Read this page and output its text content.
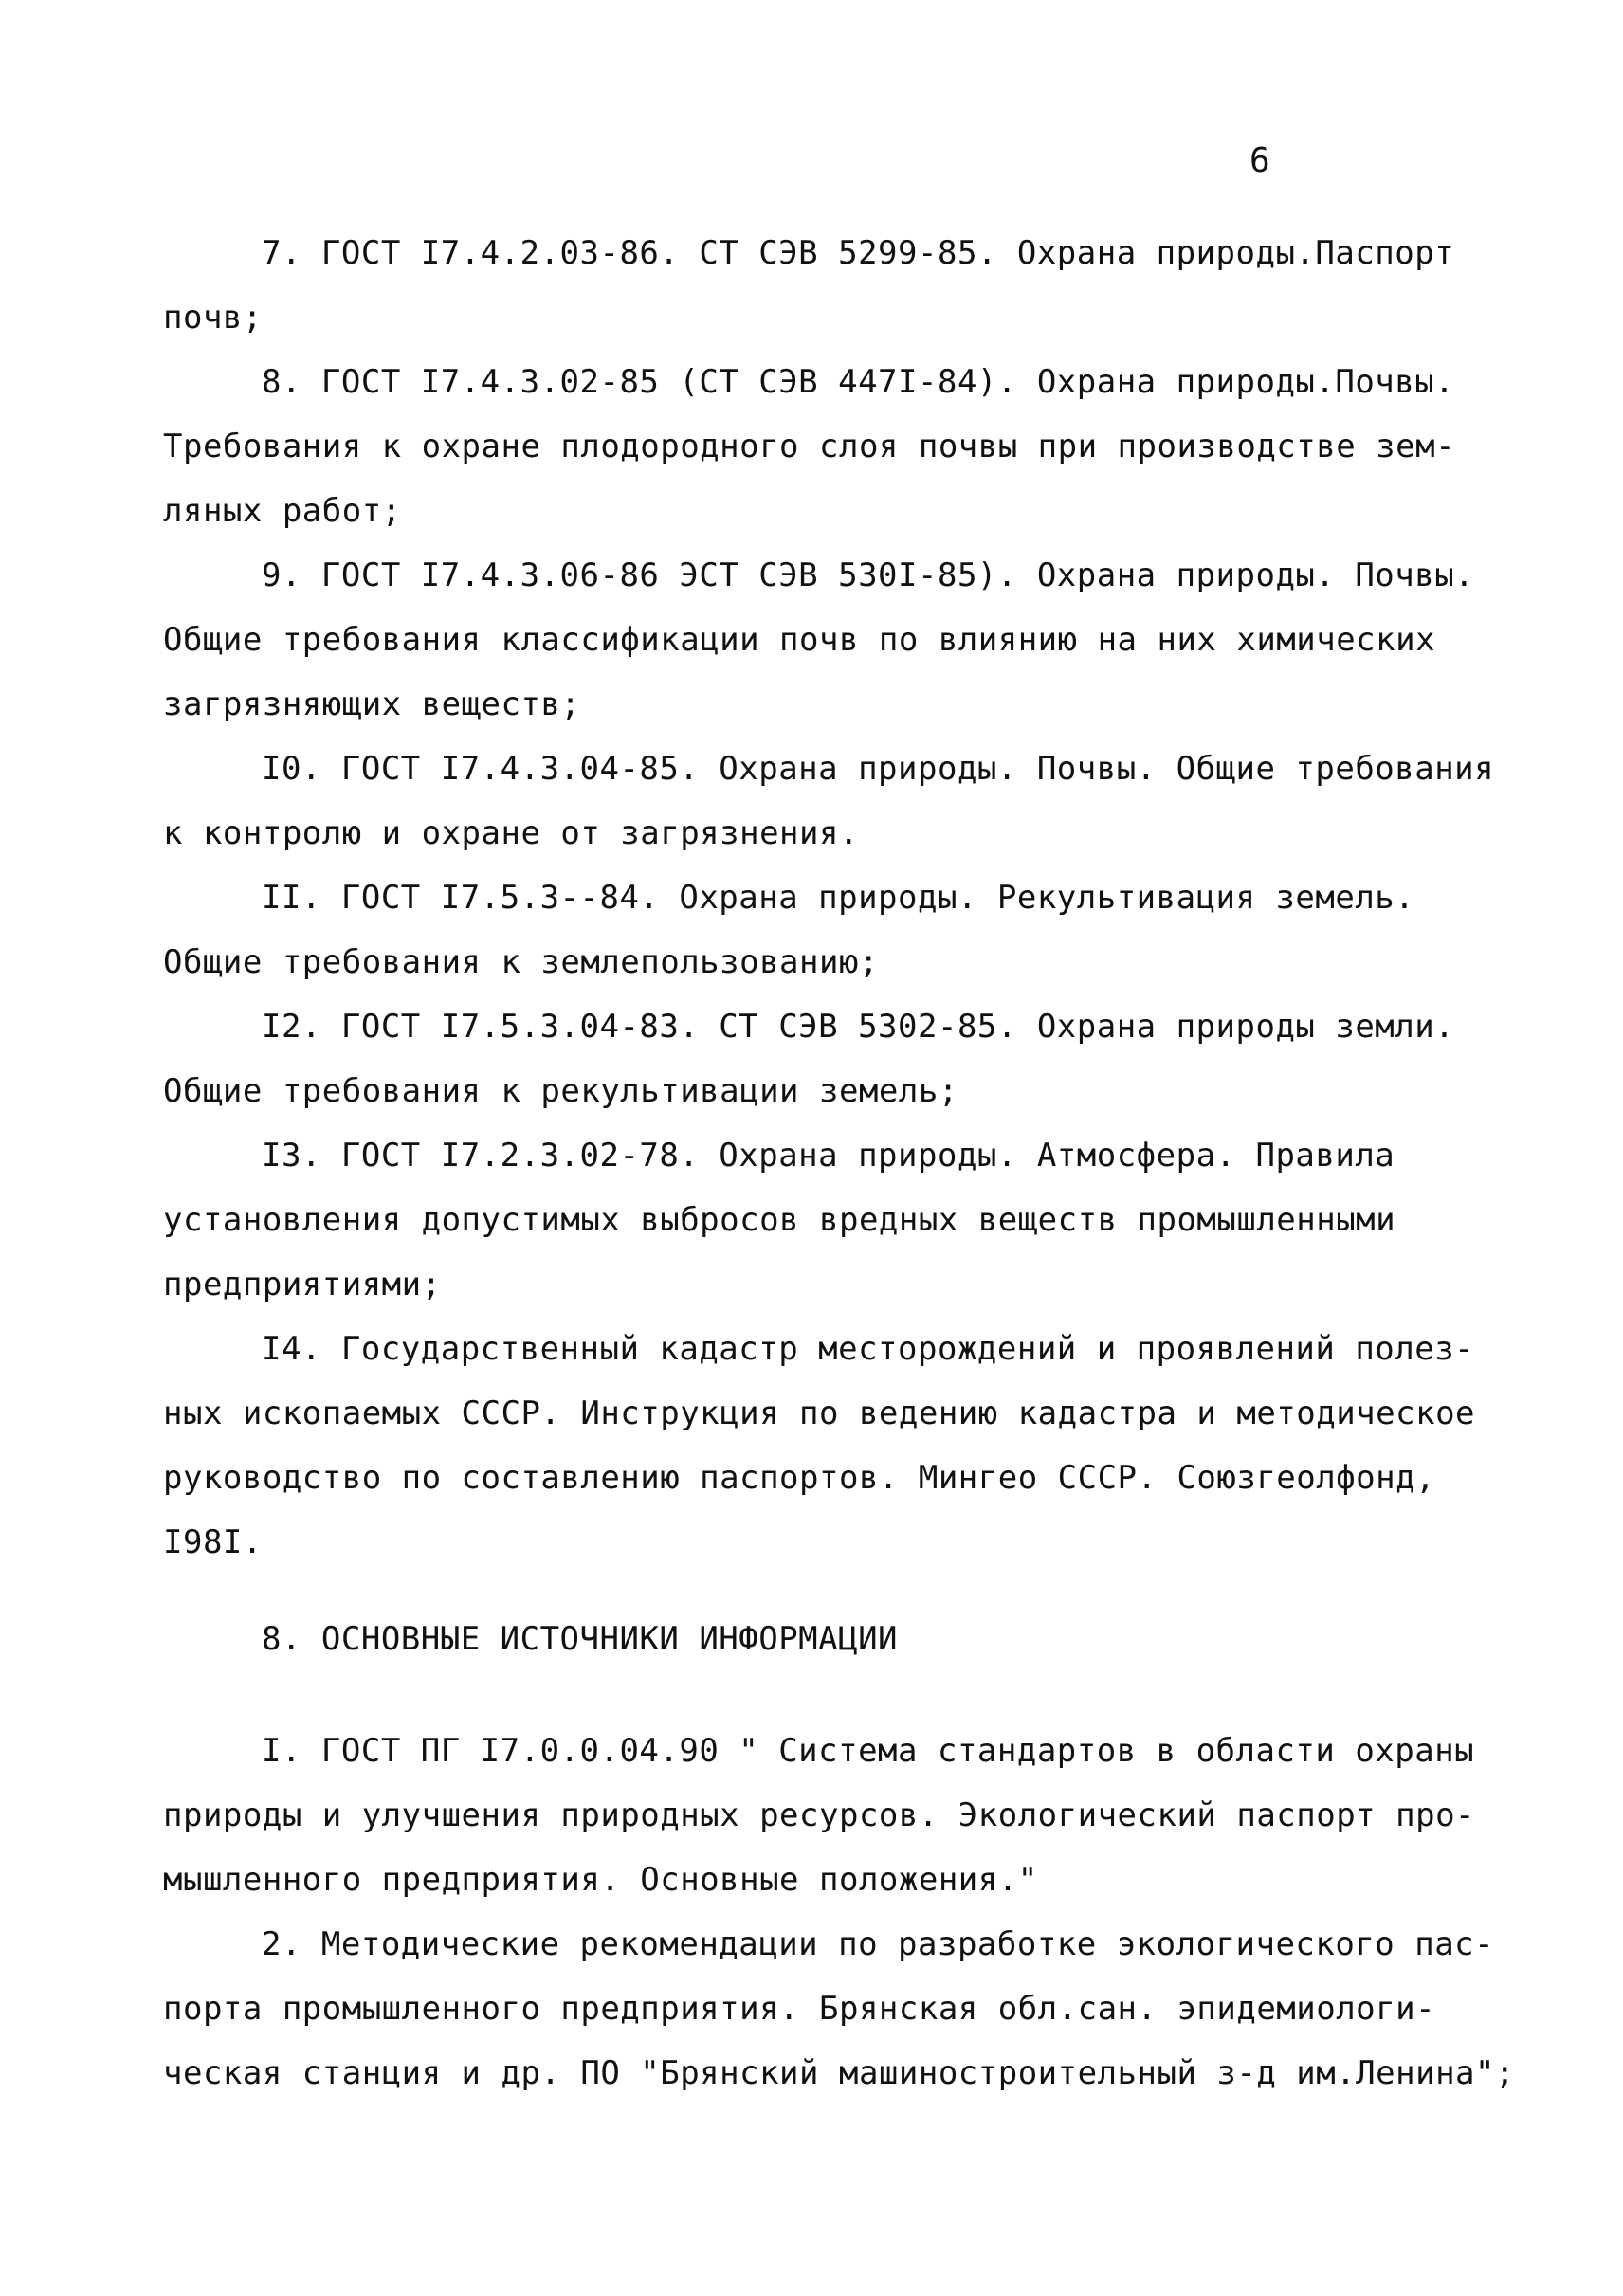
6
7. ГОСТ I7.4.2.03-86. СТ СЭВ 5299-85. Охрана природы.Паспорт
почв;
8. ГОСТ I7.4.3.02-85 (СТ СЭВ 447I-84). Охрана природы.Почвы.
Требования к охране плодородного слоя почвы при производстве зем-
ляных работ;
9. ГОСТ I7.4.3.06-86 ЭСТ СЭВ 530I-85). Охрана природы. Почвы.
Общие требования классификации почв по влиянию на них химических
загрязняющих веществ;
I0. ГОСТ I7.4.3.04-85. Охрана природы. Почвы. Общие требования
к контролю и охране от загрязнения.
II. ГОСТ I7.5.3--84. Охрана природы. Рекультивация земель.
Общие требования к землепользованию;
I2. ГОСТ I7.5.3.04-83. СТ СЭВ 5302-85. Охрана природы земли.
Общие требования к рекультивации земель;
I3. ГОСТ I7.2.3.02-78. Охрана природы. Атмосфера. Правила
установления допустимых выбросов вредных веществ промышленными
предприятиями;
I4. Государственный кадастр месторождений и проявлений полез-
ных ископаемых СССР. Инструкция по ведению кадастра и методическое
руководство по составлению паспортов. Мингео СССР. Союзгеолфонд,
I98I.
8. ОСНОВНЫЕ ИСТОЧНИКИ ИНФОРМАЦИИ
I. ГОСТ ПГ I7.0.0.04.90 " Система стандартов в области охраны
природы и улучшения природных ресурсов. Экологический паспорт про-
мышленного предприятия. Основные положения."
2. Методические рекомендации по разработке экологического пас-
порта промышленного предприятия. Брянская обл.сан. эпидемиологи-
ческая станция и др. ПО "Брянский машиностроительный з-д им.Ленина";
